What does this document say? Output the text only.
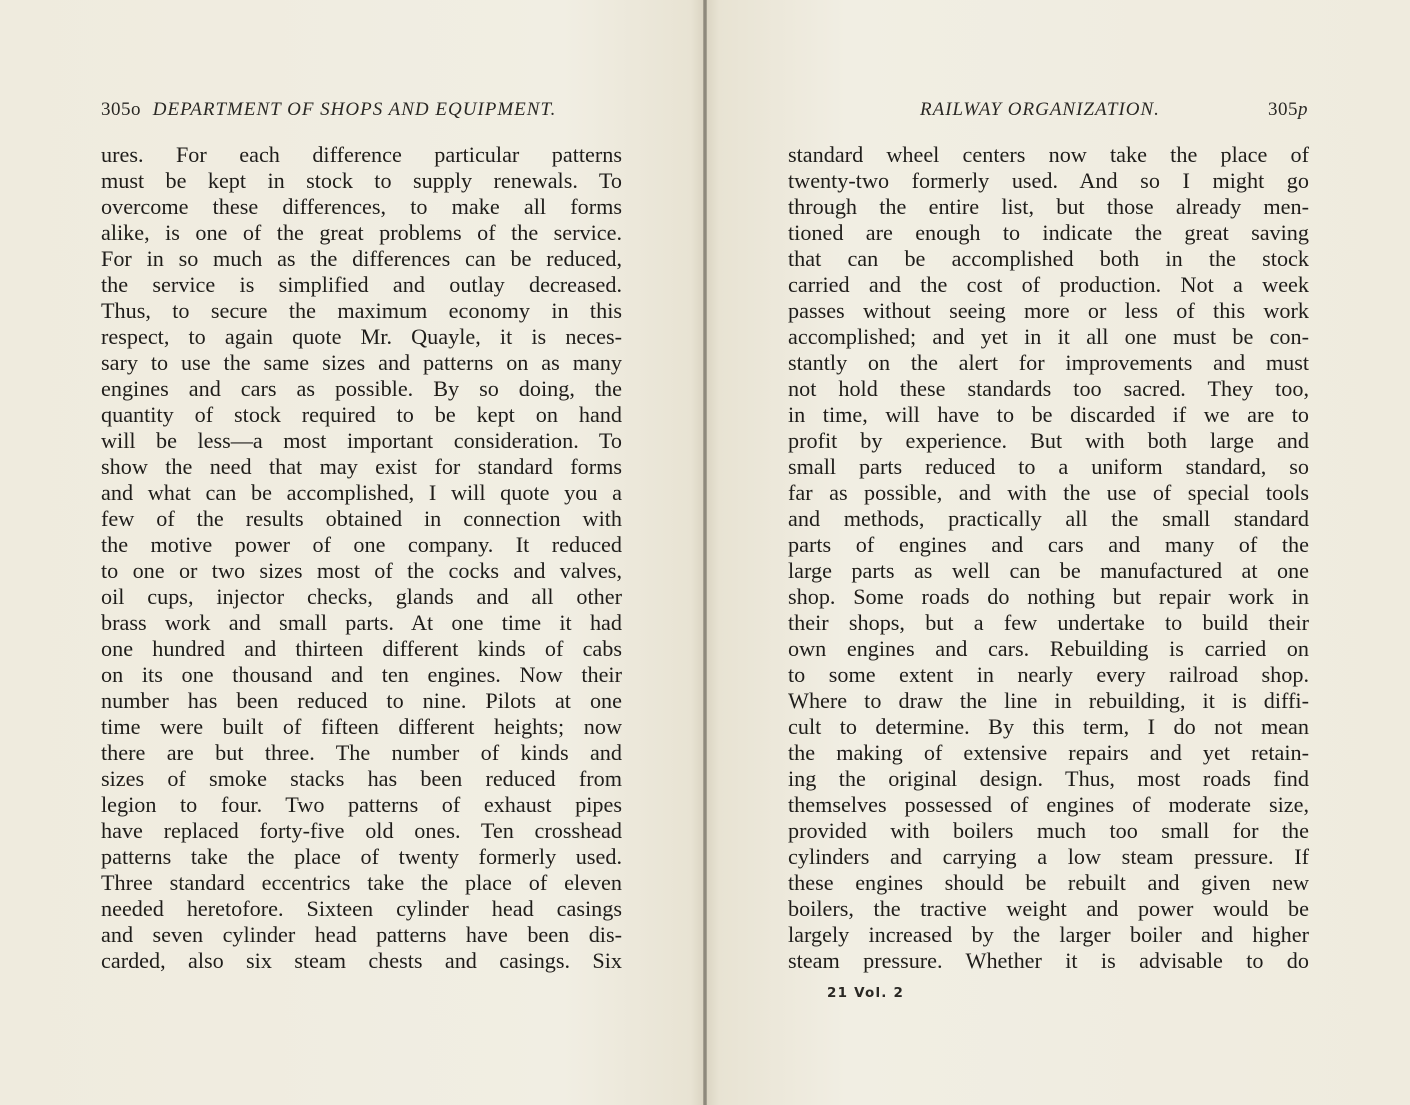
305o DEPARTMENT OF SHOPS AND EQUIPMENT.
ures. For each difference particular patterns
must be kept in stock to supply renewals. To
overcome these differences, to make all forms
alike, is one of the great problems of the service.
For in so much as the differences can be reduced,
the service is simplified and outlay decreased.
Thus, to secure the maximum economy in this
respect, to again quote Mr. Quayle, it is neces-
sary to use the same sizes and patterns on as many
engines and cars as possible. By so doing, the
quantity of stock required to be kept on hand
will be less—a most important consideration. To
show the need that may exist for standard forms
and what can be accomplished, I will quote you a
few of the results obtained in connection with
the motive power of one company. It reduced
to one or two sizes most of the cocks and valves,
oil cups, injector checks, glands and all other
brass work and small parts. At one time it had
one hundred and thirteen different kinds of cabs
on its one thousand and ten engines. Now their
number has been reduced to nine. Pilots at one
time were built of fifteen different heights; now
there are but three. The number of kinds and
sizes of smoke stacks has been reduced from
legion to four. Two patterns of exhaust pipes
have replaced forty-five old ones. Ten crosshead
patterns take the place of twenty formerly used.
Three standard eccentrics take the place of eleven
needed heretofore. Sixteen cylinder head casings
and seven cylinder head patterns have been dis-
carded, also six steam chests and casings. Six
RAILWAY ORGANIZATION.	305p
standard wheel centers now take the place of
twenty-two formerly used. And so I might go
through the entire list, but those already men-
tioned are enough to indicate the great saving
that can be accomplished both in the stock
carried and the cost of production. Not a week
passes without seeing more or less of this work
accomplished; and yet in it all one must be con-
stantly on the alert for improvements and must
not hold these standards too sacred. They too,
in time, will have to be discarded if we are to
profit by experience. But with both large and
small parts reduced to a uniform standard, so
far as possible, and with the use of special tools
and methods, practically all the small standard
parts of engines and cars and many of the
large parts as well can be manufactured at one
shop. Some roads do nothing but repair work in
their shops, but a few undertake to build their
own engines and cars. Rebuilding is carried on
to some extent in nearly every railroad shop.
Where to draw the line in rebuilding, it is diffi-
cult to determine. By this term, I do not mean
the making of extensive repairs and yet retain-
ing the original design. Thus, most roads find
themselves possessed of engines of moderate size,
provided with boilers much too small for the
cylinders and carrying a low steam pressure. If
these engines should be rebuilt and given new
boilers, the tractive weight and power would be
largely increased by the larger boiler and higher
steam pressure. Whether it is advisable to do
21 Vol. 2
